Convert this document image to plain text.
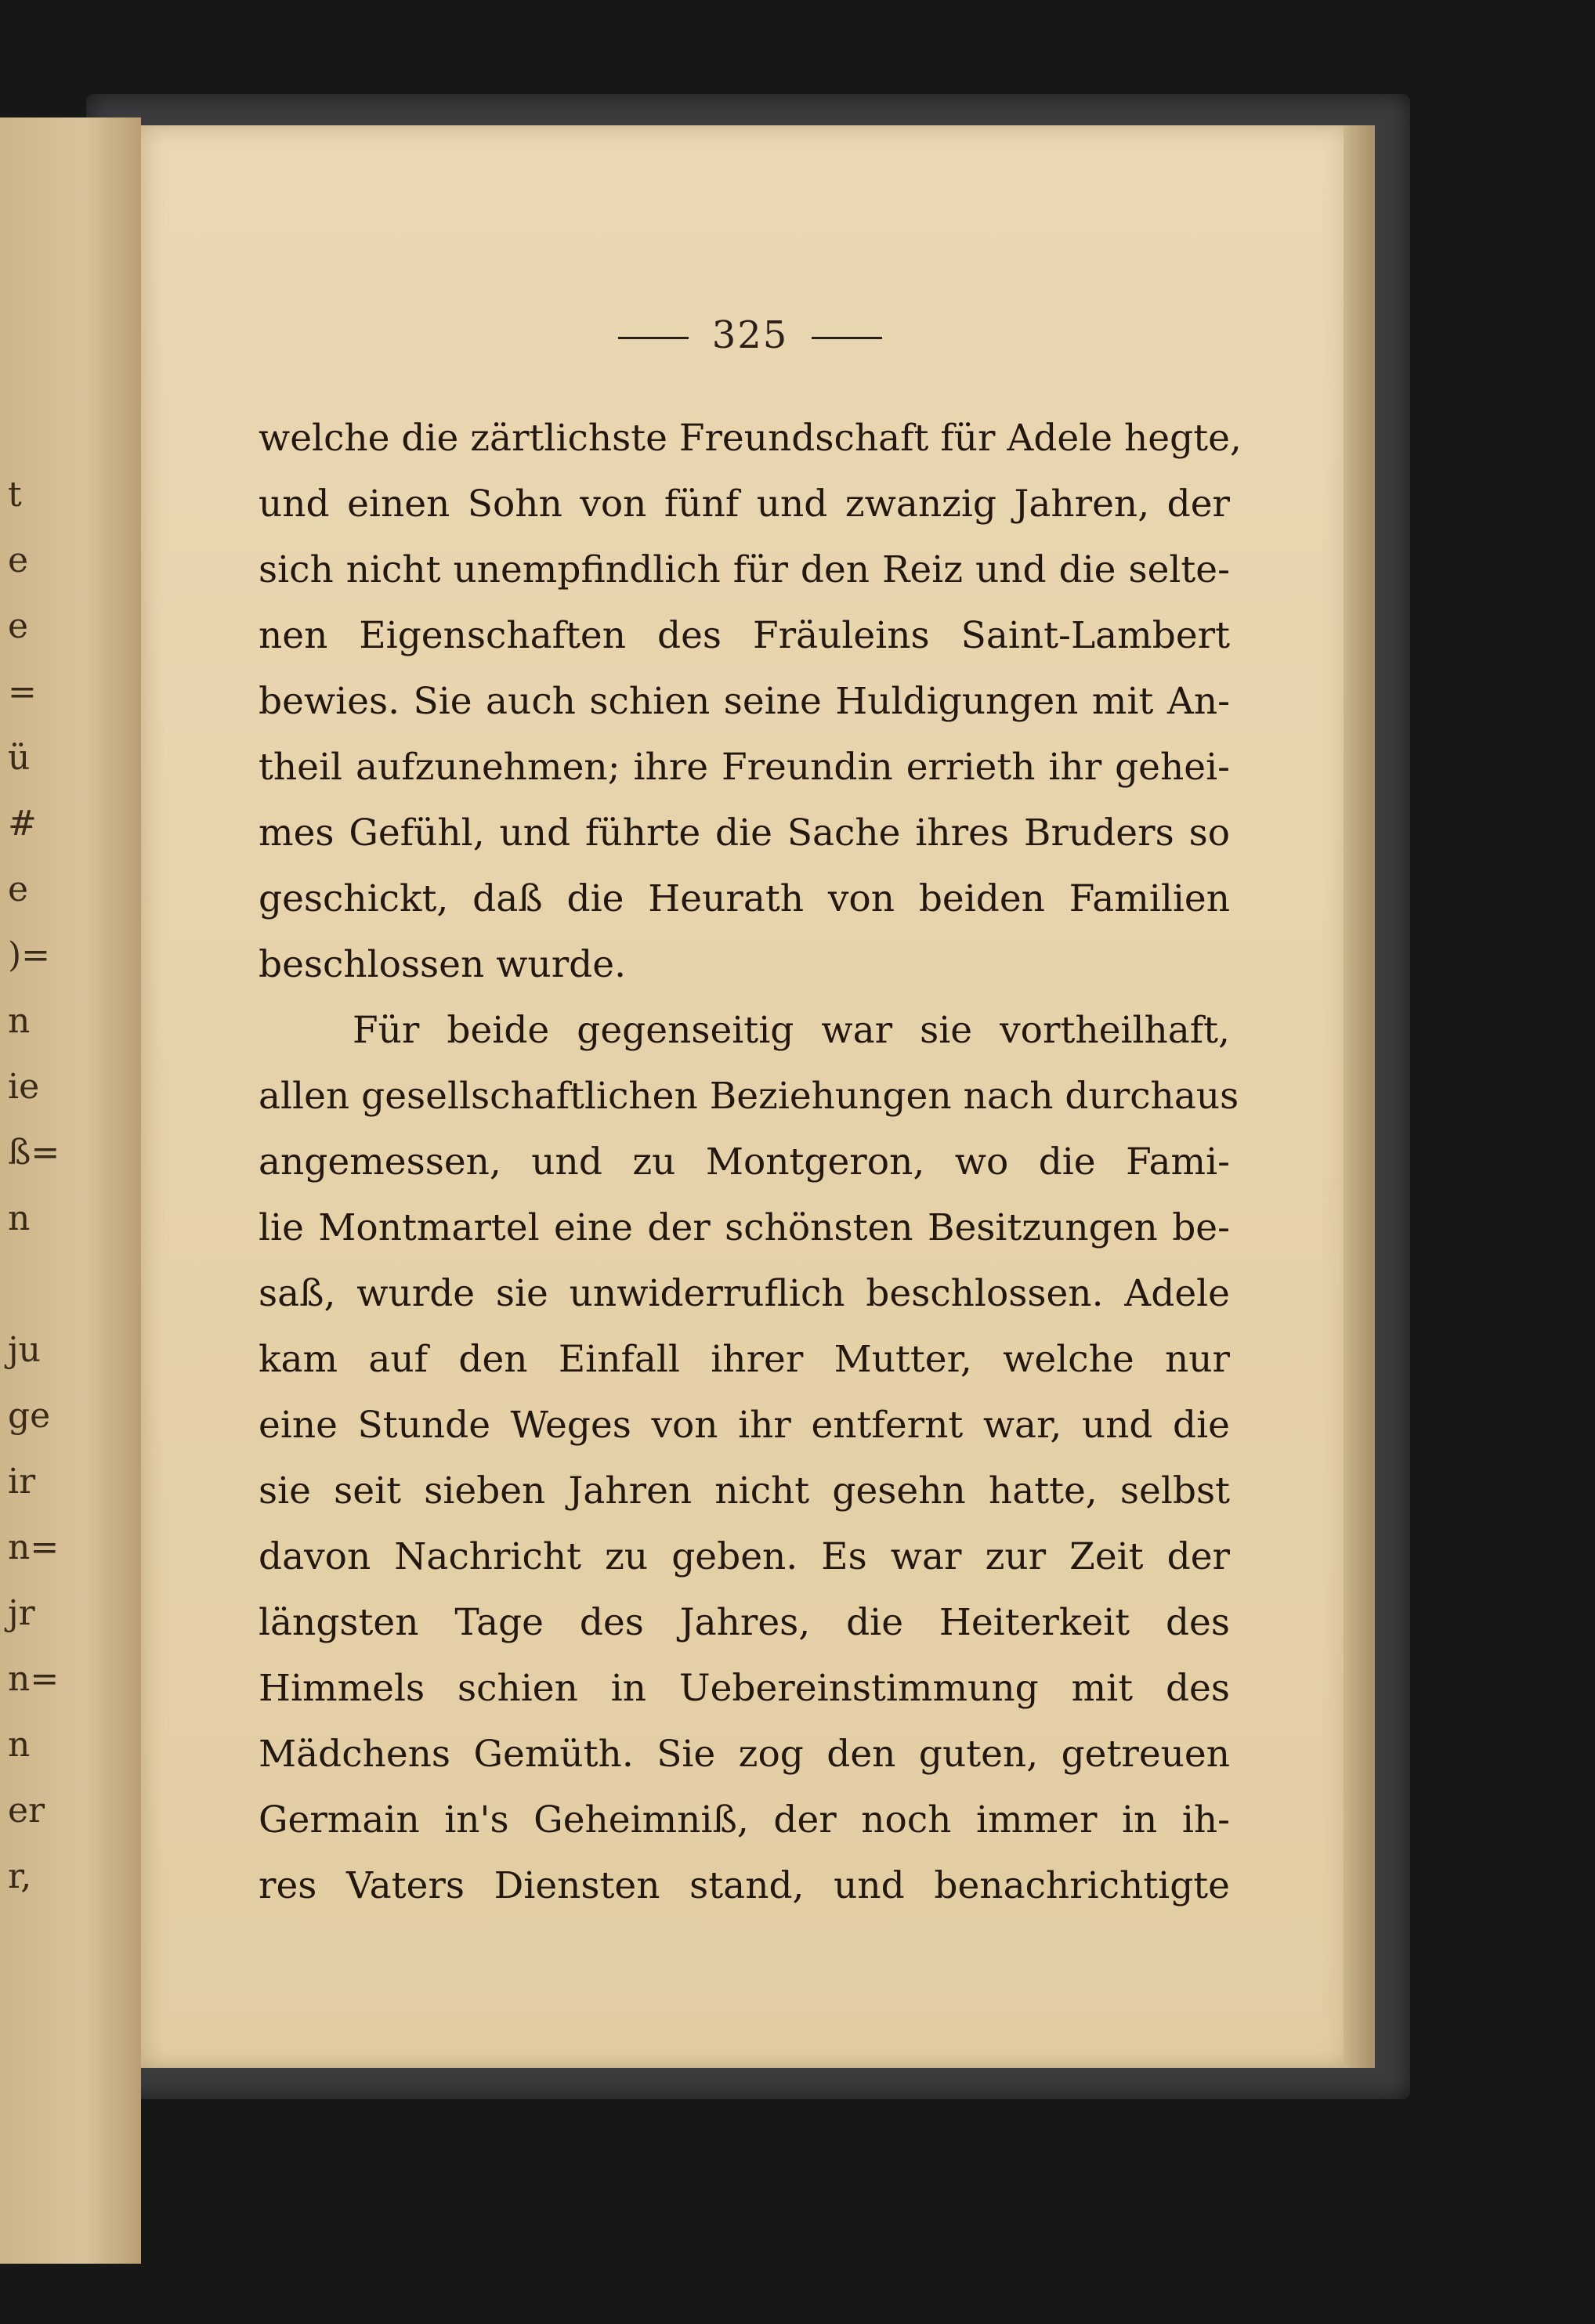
t
e
e
=
ü
#
e
)=
n
ie
ß=
n
ju
ge
ir
n=
jr
n=
n
er
r,
325
welche die zärtlichste Freundschaft für Adele hegte,
und einen Sohn von fünf und zwanzig Jahren, der
sich nicht unempfindlich für den Reiz und die selte-
nen Eigenschaften des Fräuleins Saint-Lambert
bewies. Sie auch schien seine Huldigungen mit An-
theil aufzunehmen; ihre Freundin errieth ihr gehei-
mes Gefühl, und führte die Sache ihres Bruders so
geschickt, daß die Heurath von beiden Familien
beschlossen wurde.
Für beide gegenseitig war sie vortheilhaft,
allen gesellschaftlichen Beziehungen nach durchaus
angemessen, und zu Montgeron, wo die Fami-
lie Montmartel eine der schönsten Besitzungen be-
saß, wurde sie unwiderruflich beschlossen. Adele
kam auf den Einfall ihrer Mutter, welche nur
eine Stunde Weges von ihr entfernt war, und die
sie seit sieben Jahren nicht gesehn hatte, selbst
davon Nachricht zu geben. Es war zur Zeit der
längsten Tage des Jahres, die Heiterkeit des
Himmels schien in Uebereinstimmung mit des
Mädchens Gemüth. Sie zog den guten, getreuen
Germain in's Geheimniß, der noch immer in ih-
res Vaters Diensten stand, und benachrichtigte
